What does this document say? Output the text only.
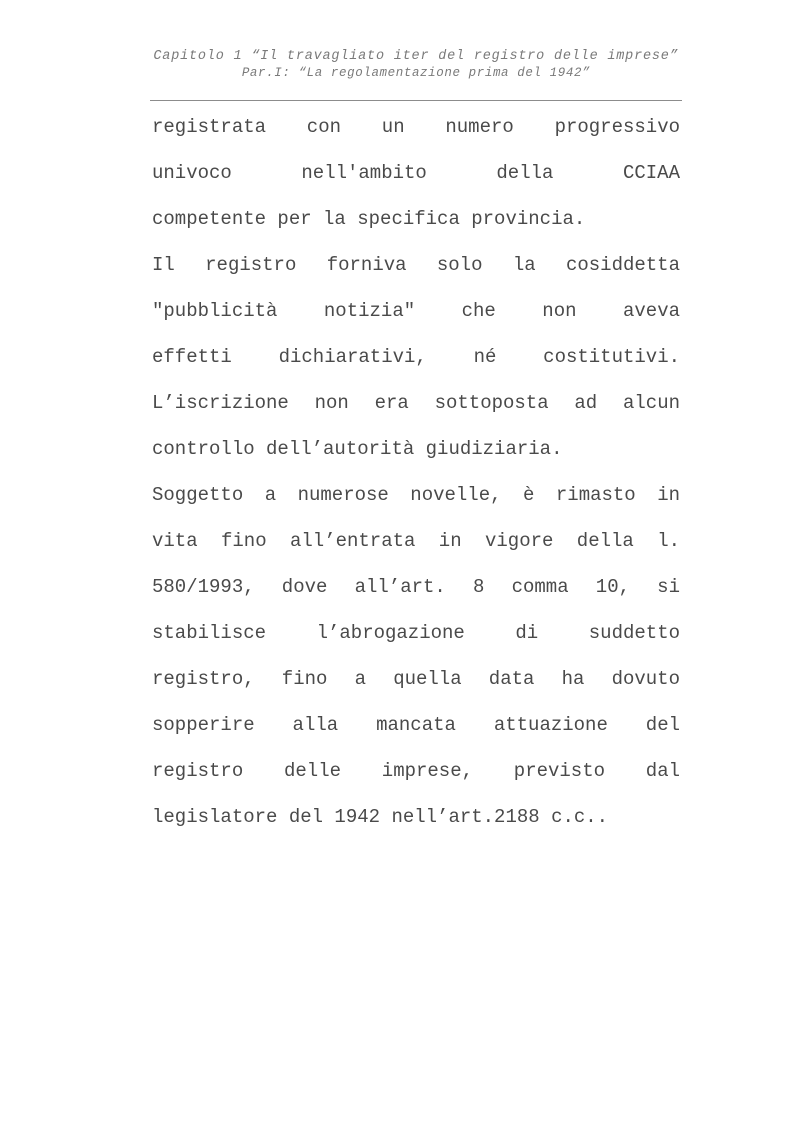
Capitolo 1 “Il travagliato iter del registro delle imprese”
Par.I: “La regolamentazione prima del 1942”
registrata con un numero progressivo
univoco nell'ambito della CCIAA
competente per la specifica provincia.
Il registro forniva solo la cosiddetta
"pubblicità notizia" che non aveva
effetti dichiarativi, né costitutivi.
L’iscrizione non era sottoposta ad alcun
controllo dell’autorità giudiziaria.
Soggetto a numerose novelle, è rimasto in
vita fino all’entrata in vigore della l.
580/1993, dove all’art. 8 comma 10, si
stabilisce l’abrogazione di suddetto
registro, fino a quella data ha dovuto
sopperire alla mancata attuazione del
registro delle imprese, previsto dal
legislatore del 1942 nell’art.2188 c.c..
